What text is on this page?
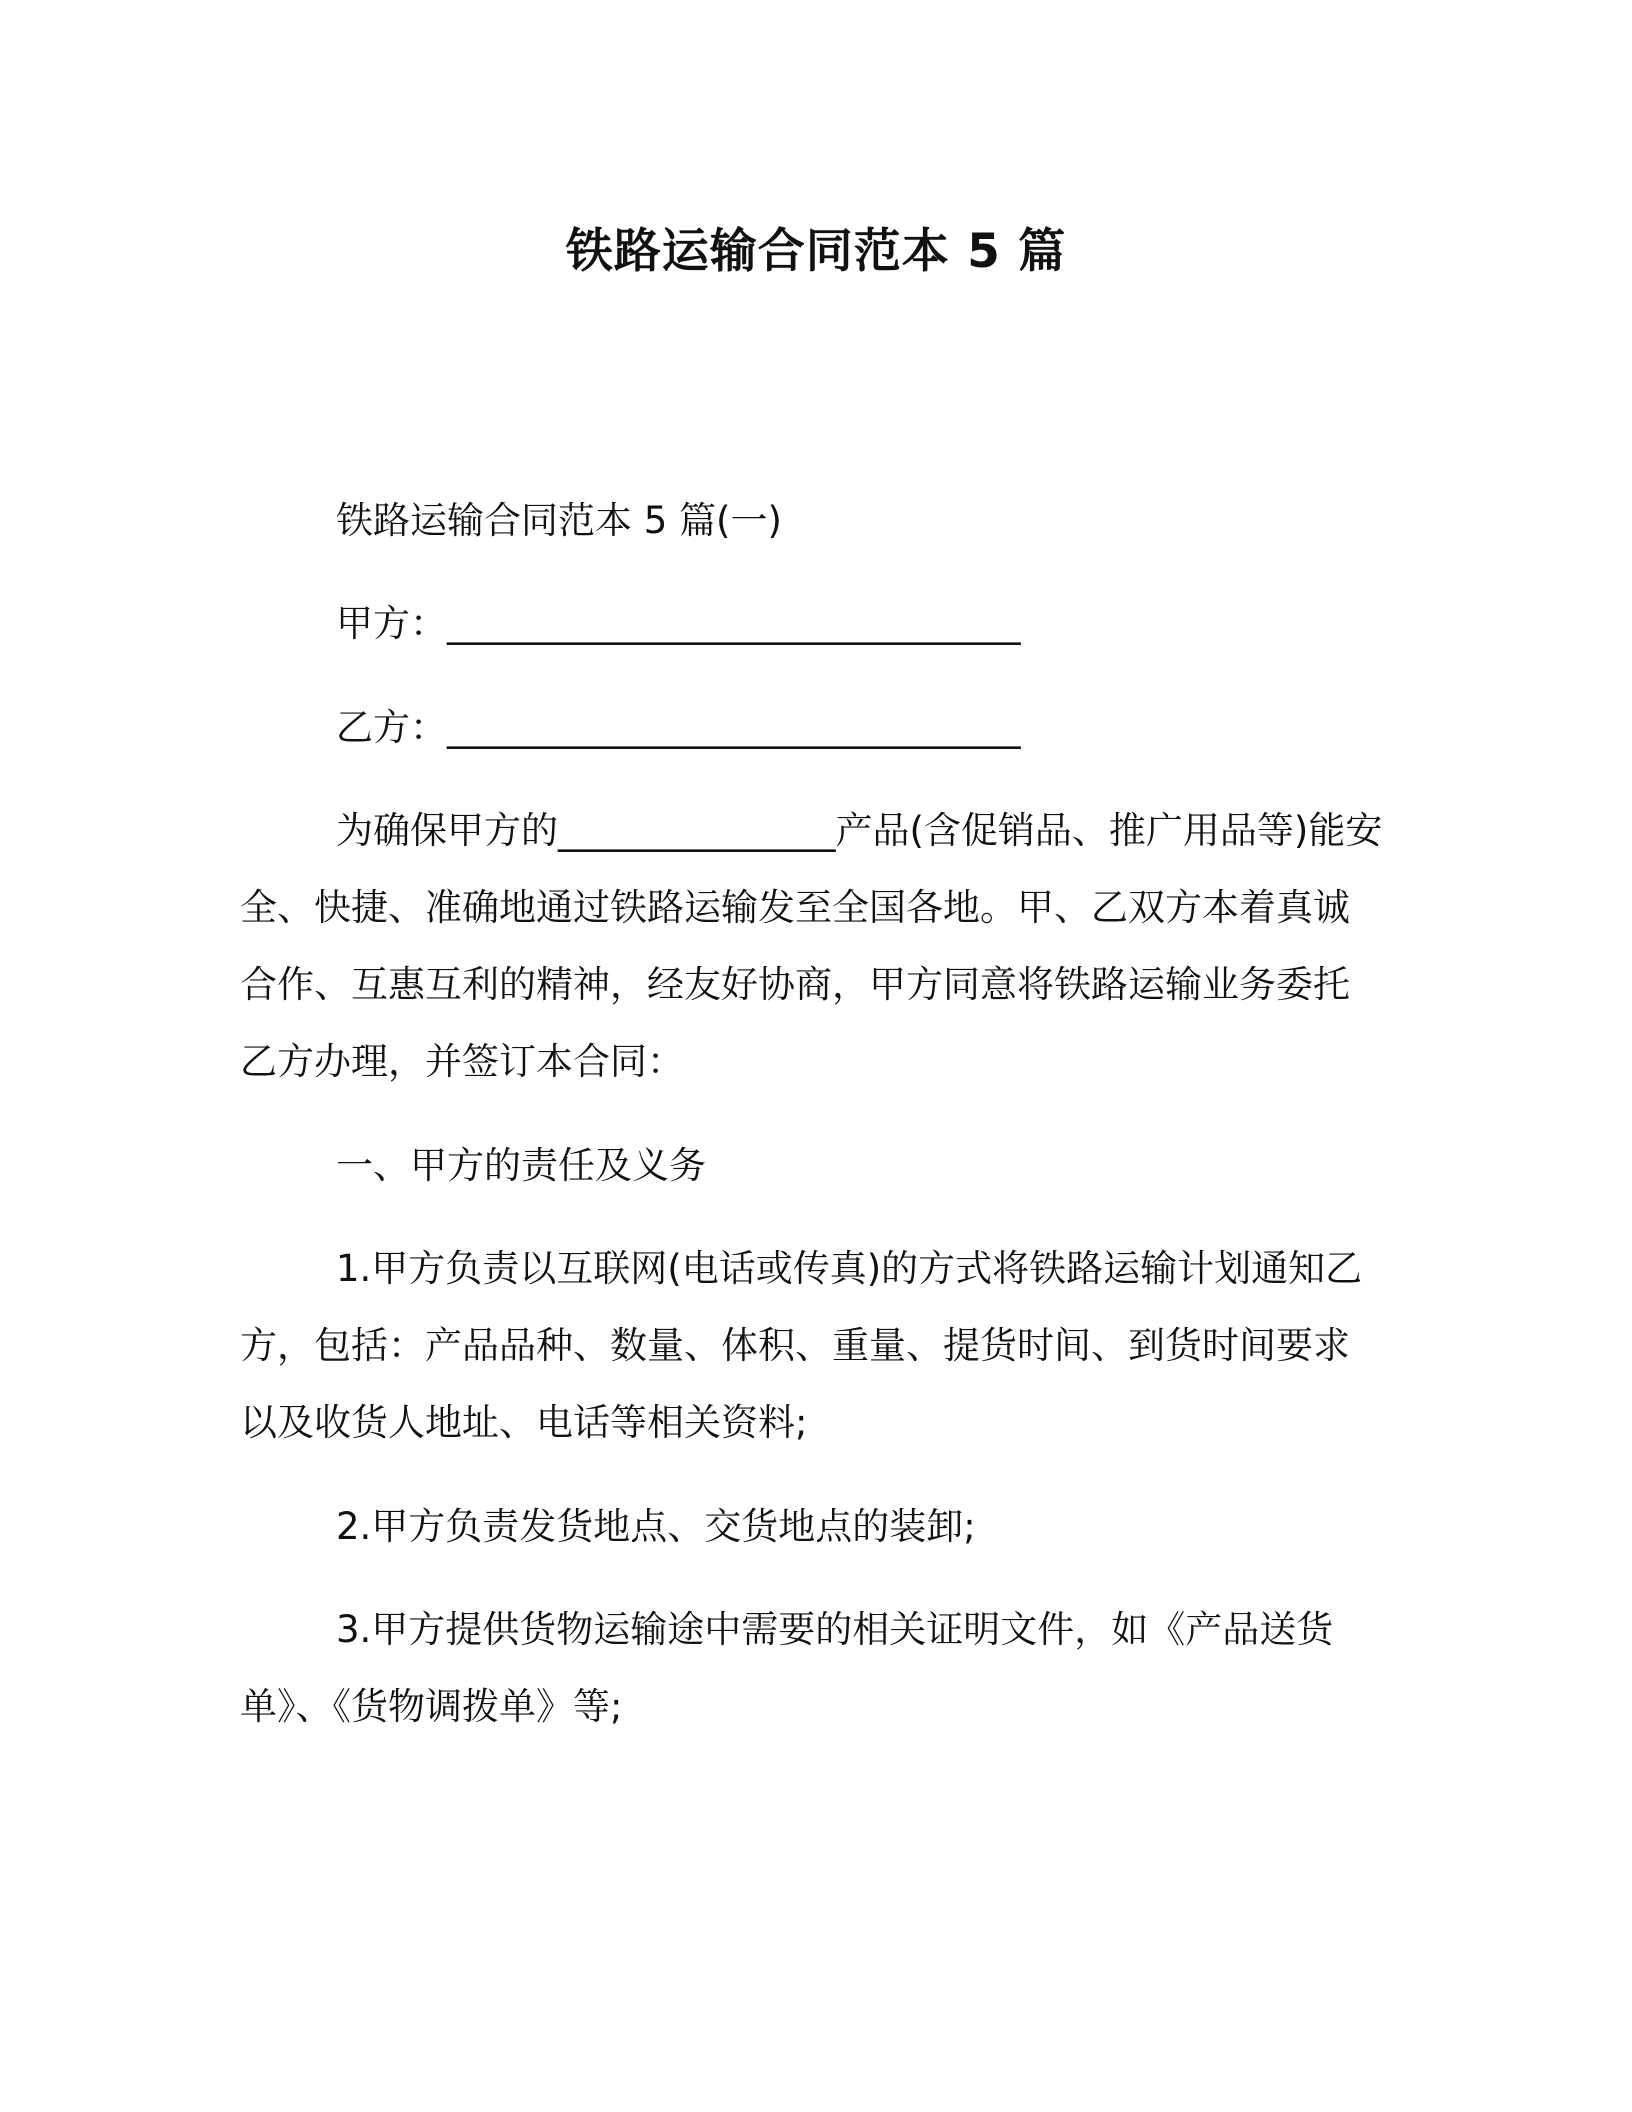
铁路运输合同范本 5 篇
铁路运输合同范本 5 篇(一)
甲方：_______________________________
乙方：_______________________________
为确保甲方的_______________产品(含促销品、推广用品等)能安
全、快捷、准确地通过铁路运输发至全国各地。甲、乙双方本着真诚
合作、互惠互利的精神，经友好协商，甲方同意将铁路运输业务委托
乙方办理，并签订本合同：
一、甲方的责任及义务
1.甲方负责以互联网(电话或传真)的方式将铁路运输计划通知乙
方，包括：产品品种、数量、体积、重量、提货时间、到货时间要求
以及收货人地址、电话等相关资料;
2.甲方负责发货地点、交货地点的装卸;
3.甲方提供货物运输途中需要的相关证明文件，如《产品送货
单》、《货物调拨单》等;
